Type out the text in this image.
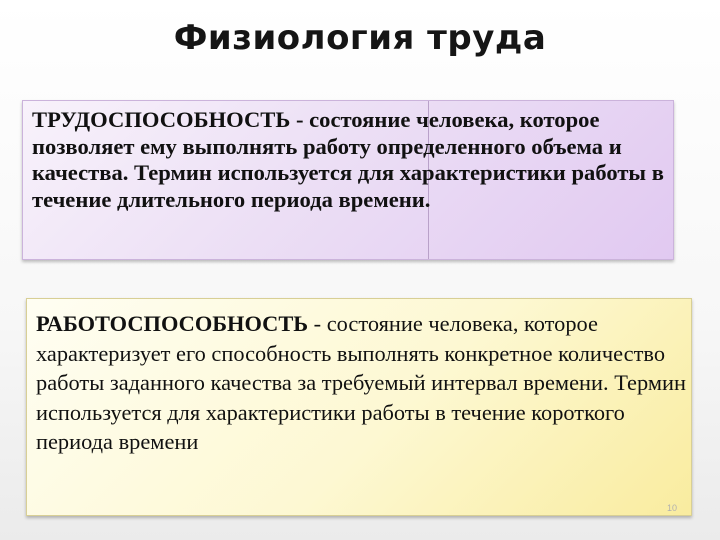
Физиология труда
ТРУДОСПОСОБНОСТЬ - состояние человека, которое позволяет ему выполнять работу определенного объема и качества. Термин используется для характеристики работы в течение длительного периода времени.
РАБОТОСПОСОБНОСТЬ - состояние человека, которое характеризует его способность выполнять конкретное количество работы заданного качества за требуемый интервал времени. Термин используется для характеристики работы в течение короткого периода времени
10
